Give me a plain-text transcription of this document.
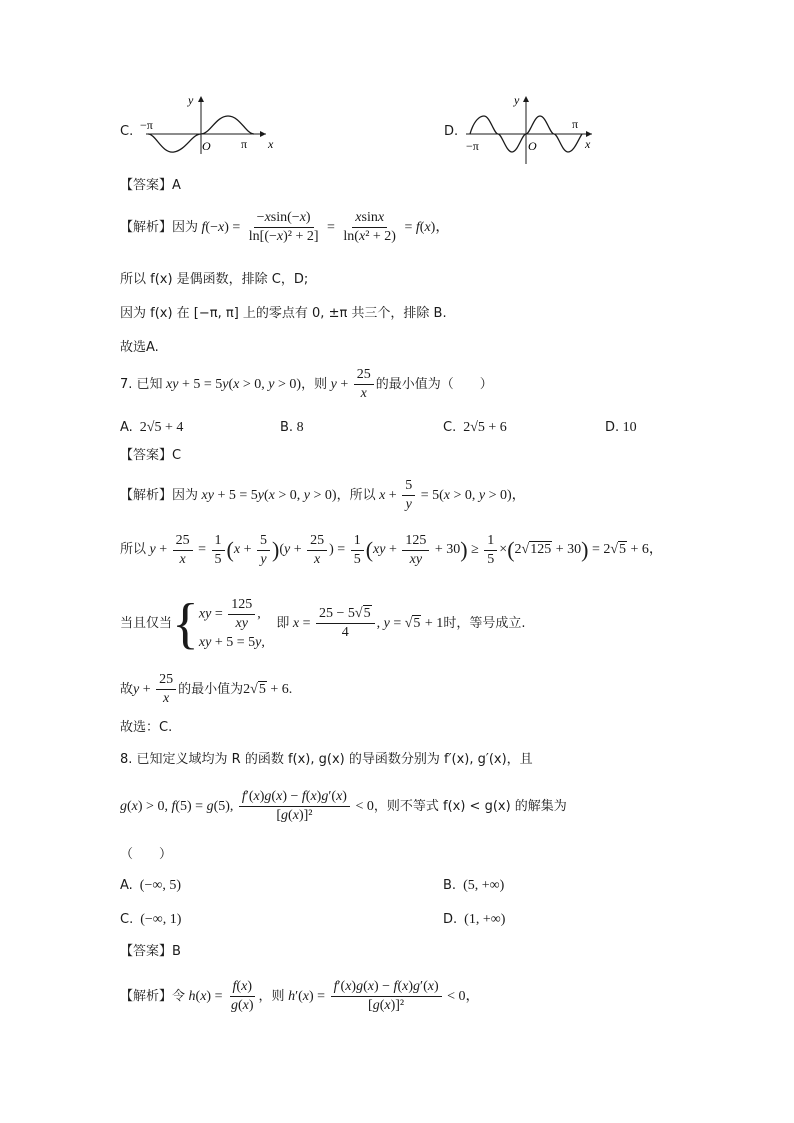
C. −π
π
O	x
y
D.
−π
π
O	x
y
【答案】A
【解析】因为 $f(-x) = \frac{-xsin(-x)}{\text{ln[(−x)² + 2]}} = \frac{xsinx}{\text{ln(x² + 2)}} = f(x)$，
所以 f(x) 是偶函数，排除 C，D;
因为 f(x) 在 [−π, π] 上的零点有 0, ±π 共三个，排除 B.
故选A.
7. 已知 xy + 5 = 5y(x > 0, y > 0)，则 $y + \frac{25}{x}$ 的最小值为（　　）
A. 2√5 + 4	B. 8	C. 2√5 + 6	D. 10
【答案】C
【解析】因为 xy + 5 = 5y(x > 0, y > 0)，所以 $x + \frac{5}{y} = 5(x > 0$, y > 0)，
所以 $y + \frac{25}{x} = \frac{1}{5} (x + \frac{5}{y} )(y + \frac{25}{x}$ ) = $\frac{1}{5} (xy + \frac{125}{xy} + 30) \ge \frac{1}{5} \times(2√125 + 30) = 2√5 + 6$，
当且仅当{ xy = $\frac{125}{xy}$ ,
xy + 5 = 5y,
即 $x = \frac{25 - 5√5}{4}$ , y = √5 + 1时，等号成立.
故$y + \frac{25}{x}$ 的最小值为2√5 + 6.
故选：C.
8. 已知定义域均为 R 的函数 f(x), g(x) 的导函数分别为 f′(x), g′(x)，且
g(x) > 0, f(5) = g(5), $\frac{f'(x)g(x) - f(x)g'(x)}{\text{[g(x)]²}} < 0$，则不等式 f(x) < g(x) 的解集为
（　　）
A. (−∞, 5)	B. (5, +∞)
C. (−∞, 1)	D. (1, +∞)
【答案】B
【解析】令 $h(x) = \frac{f(x)}{g(x)}$ ，则 $h'(x) = \frac{f'(x)g(x) - f(x)g'(x)}{\text{[g(x)]²}} < 0$，
